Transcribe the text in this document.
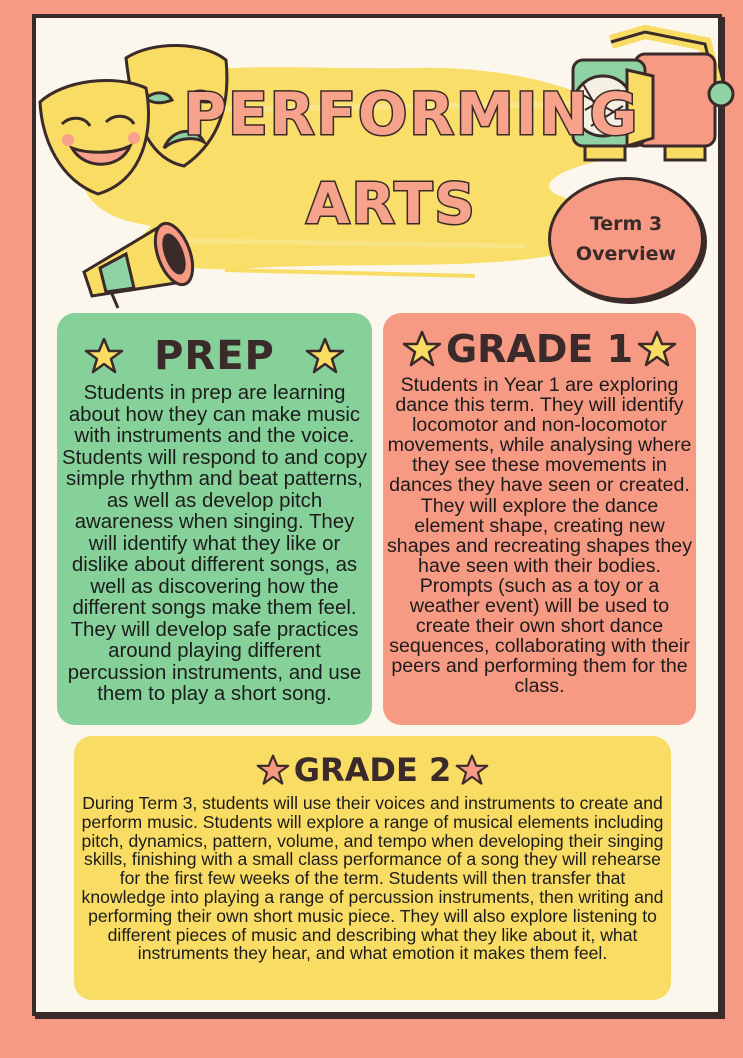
PERFORMING
ARTS	Term 3
Overview
PREP

Students in prep are learning about how they can make music with instruments and the voice. Students will respond to and copy simple rhythm and beat patterns, as well as develop pitch awareness when singing. They will identify what they like or dislike about different songs, as well as discovering how the different songs make them feel. They will develop safe practices around playing different percussion instruments, and use them to play a short song.

GRADE 1

Students in Year 1 are exploring dance this term. They will identify locomotor and non-locomotor movements, while analysing where they see these movements in dances they have seen or created. They will explore the dance element shape, creating new shapes and recreating shapes they have seen with their bodies. Prompts (such as a toy or a weather event) will be used to create their own short dance sequences, collaborating with their peers and performing them for the class.

GRADE 2

During Term 3, students will use their voices and instruments to create and perform music. Students will explore a range of musical elements including pitch, dynamics, pattern, volume, and tempo when developing their singing skills, finishing with a small class performance of a song they will rehearse for the first few weeks of the term. Students will then transfer that knowledge into playing a range of percussion instruments, then writing and performing their own short music piece. They will also explore listening to different pieces of music and describing what they like about it, what instruments they hear, and what emotion it makes them feel.
